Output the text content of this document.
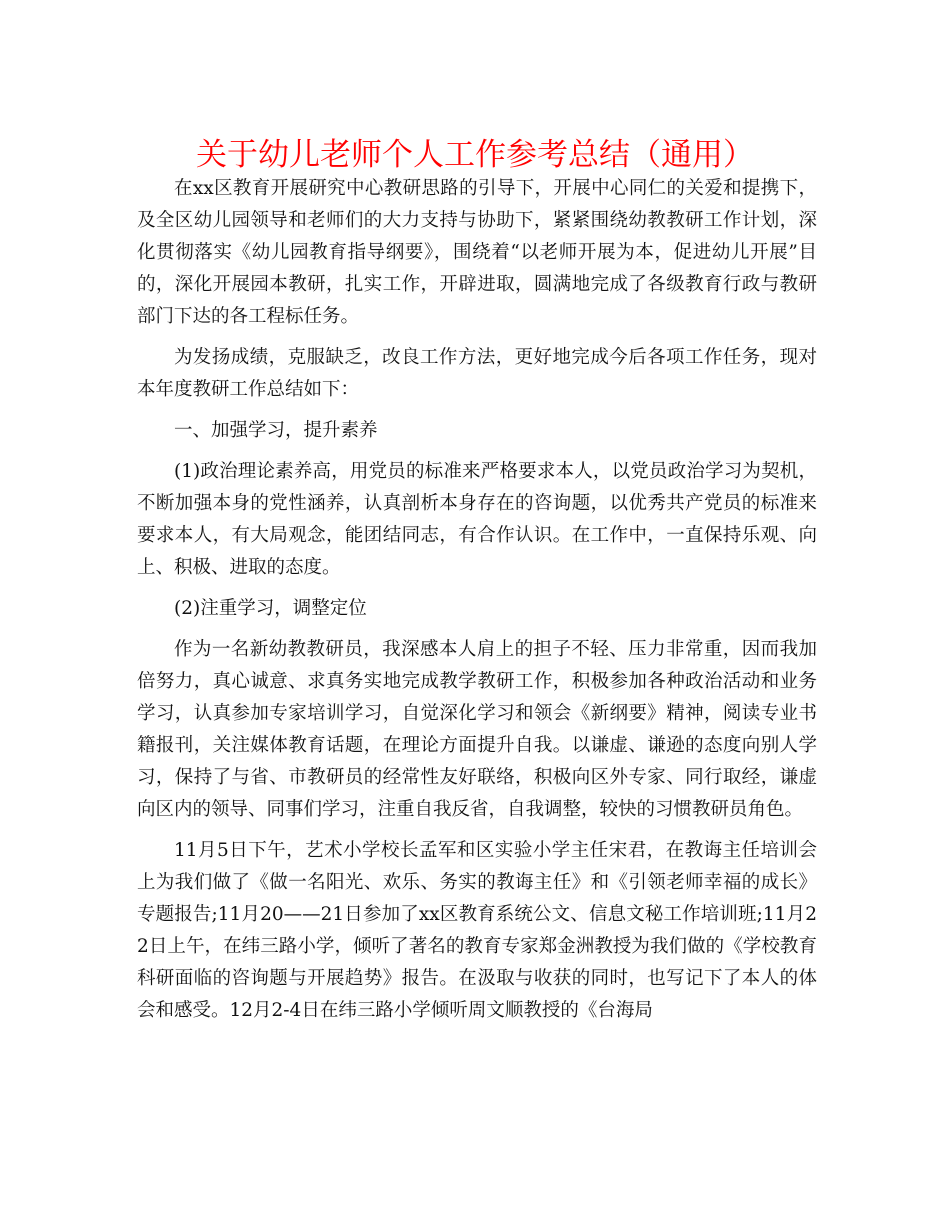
关于幼儿老师个人工作参考总结（通用）

在xx区教育开展研究中心教研思路的引导下，开展中心同仁的关爱和提携下，及全区幼儿园领导和老师们的大力支持与协助下，紧紧围绕幼教教研工作计划，深化贯彻落实《幼儿园教育指导纲要》，围绕着“以老师开展为本，促进幼儿开展”目的，深化开展园本教研，扎实工作，开辟进取，圆满地完成了各级教育行政与教研部门下达的各工程标任务。

为发扬成绩，克服缺乏，改良工作方法，更好地完成今后各项工作任务，现对本年度教研工作总结如下：

一、加强学习，提升素养

(1)政治理论素养高，用党员的标准来严格要求本人，以党员政治学习为契机，不断加强本身的党性涵养，认真剖析本身存在的咨询题，以优秀共产党员的标准来要求本人，有大局观念，能团结同志，有合作认识。在工作中，一直保持乐观、向上、积极、进取的态度。

(2)注重学习，调整定位

作为一名新幼教教研员，我深感本人肩上的担子不轻、压力非常重，因而我加倍努力，真心诚意、求真务实地完成教学教研工作，积极参加各种政治活动和业务学习，认真参加专家培训学习，自觉深化学习和领会《新纲要》精神，阅读专业书籍报刊，关注媒体教育话题，在理论方面提升自我。以谦虚、谦逊的态度向别人学习，保持了与省、市教研员的经常性友好联络，积极向区外专家、同行取经，谦虚向区内的领导、同事们学习，注重自我反省，自我调整，较快的习惯教研员角色。

11月5日下午，艺术小学校长孟军和区实验小学主任宋君，在教诲主任培训会上为我们做了《做一名阳光、欢乐、务实的教诲主任》和《引领老师幸福的成长》专题报告;11月20——21日参加了xx区教育系统公文、信息文秘工作培训班;11月22日上午，在纬三路小学，倾听了著名的教育专家郑金洲教授为我们做的《学校教育科研面临的咨询题与开展趋势》报告。在汲取与收获的同时，也写记下了本人的体会和感受。12月2-4日在纬三路小学倾听周文顺教授的《台海局
